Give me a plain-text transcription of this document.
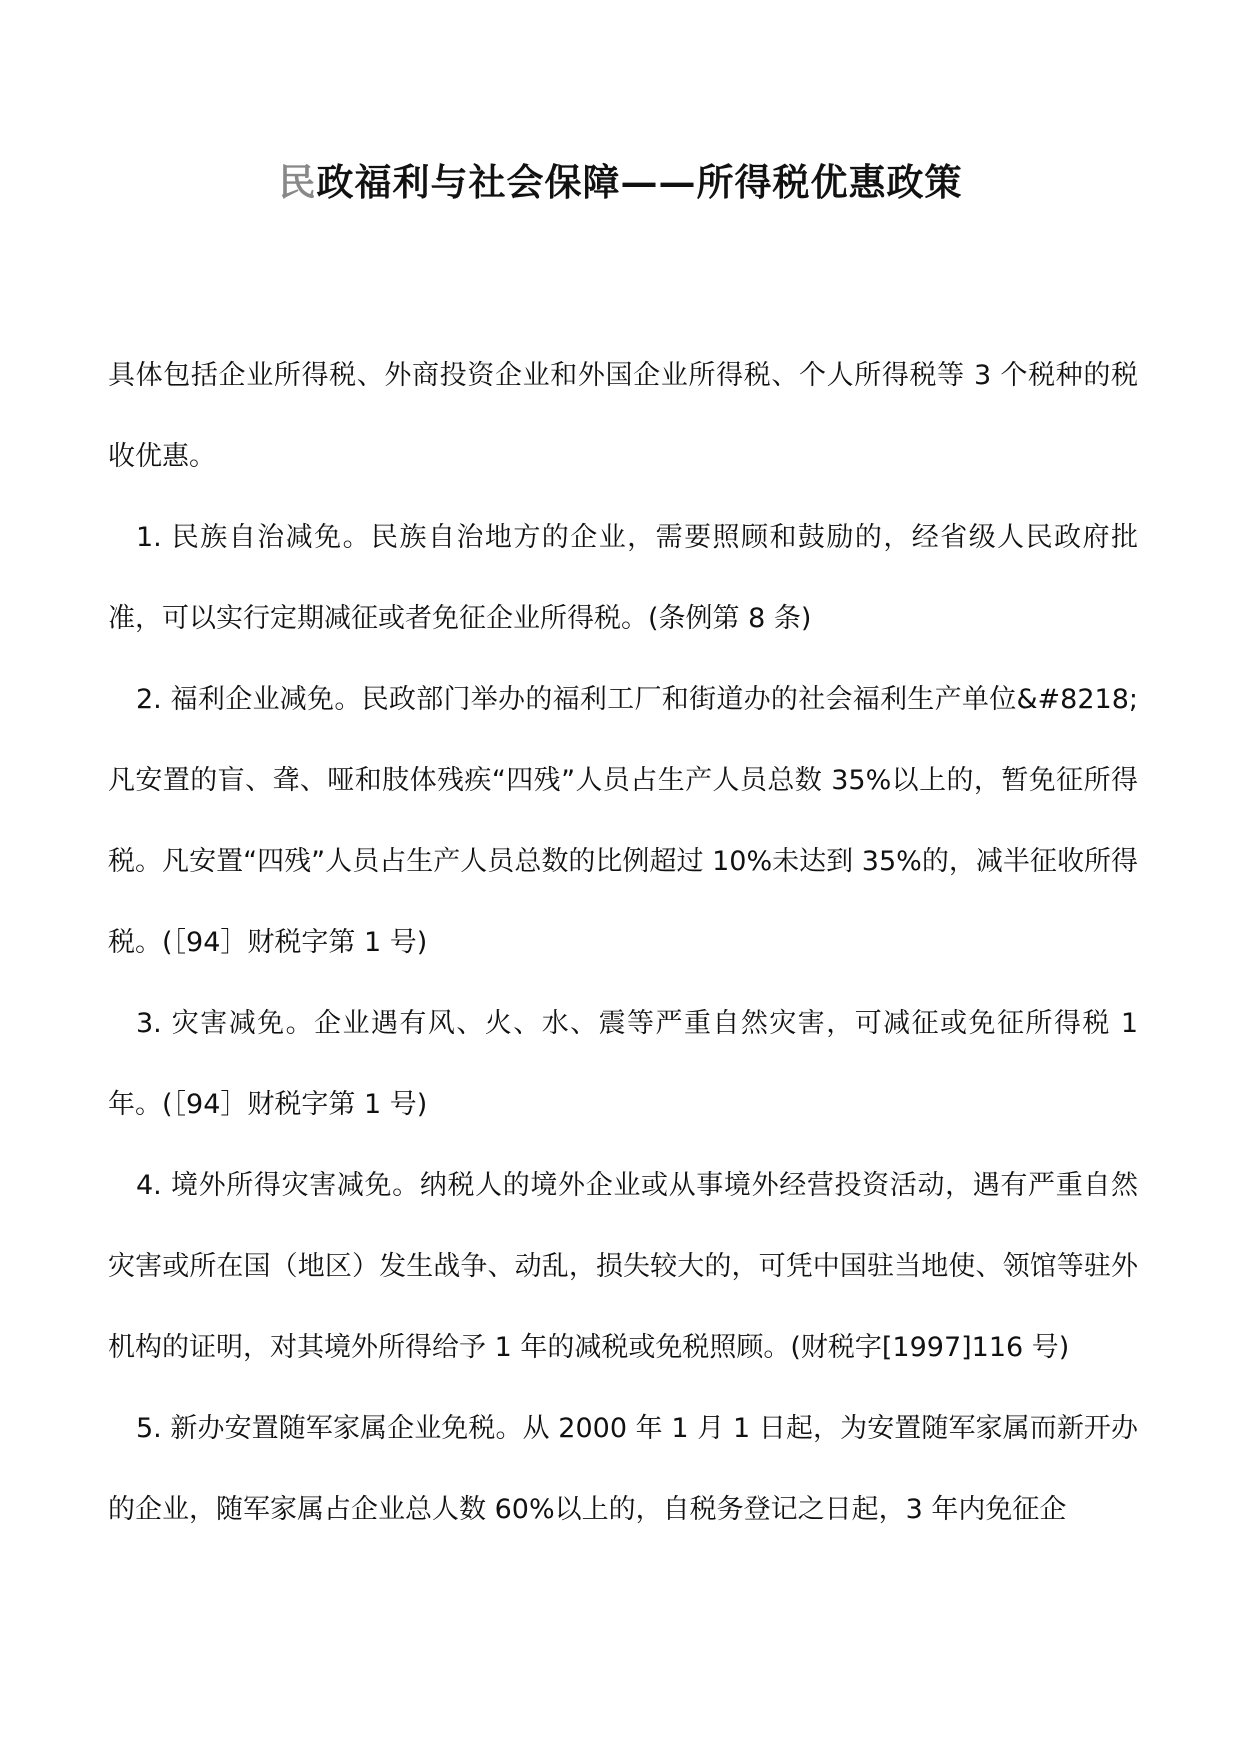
民政福利与社会保障——所得税优惠政策

具体包括企业所得税、外商投资企业和外国企业所得税、个人所得税等 3 个税种的税收优惠。

1. 民族自治减免。民族自治地方的企业，需要照顾和鼓励的，经省级人民政府批准，可以实行定期减征或者免征企业所得税。(条例第 8 条)

2. 福利企业减免。民政部门举办的福利工厂和街道办的社会福利生产单位&#8218; 凡安置的盲、聋、哑和肢体残疾“四残”人员占生产人员总数 35%以上的，暂免征所得税。凡安置“四残”人员占生产人员总数的比例超过 10%未达到 35%的，减半征收所得税。(［94］财税字第 1 号)

3. 灾害减免。企业遇有风、火、水、震等严重自然灾害，可减征或免征所得税 1 年。(［94］财税字第 1 号)

4. 境外所得灾害减免。纳税人的境外企业或从事境外经营投资活动，遇有严重自然灾害或所在国（地区）发生战争、动乱，损失较大的，可凭中国驻当地使、领馆等驻外机构的证明，对其境外所得给予 1 年的减税或免税照顾。(财税字[1997]116 号)

5. 新办安置随军家属企业免税。从 2000 年 1 月 1 日起，为安置随军家属而新开办的企业，随军家属占企业总人数 60%以上的，自税务登记之日起，3 年内免征企
